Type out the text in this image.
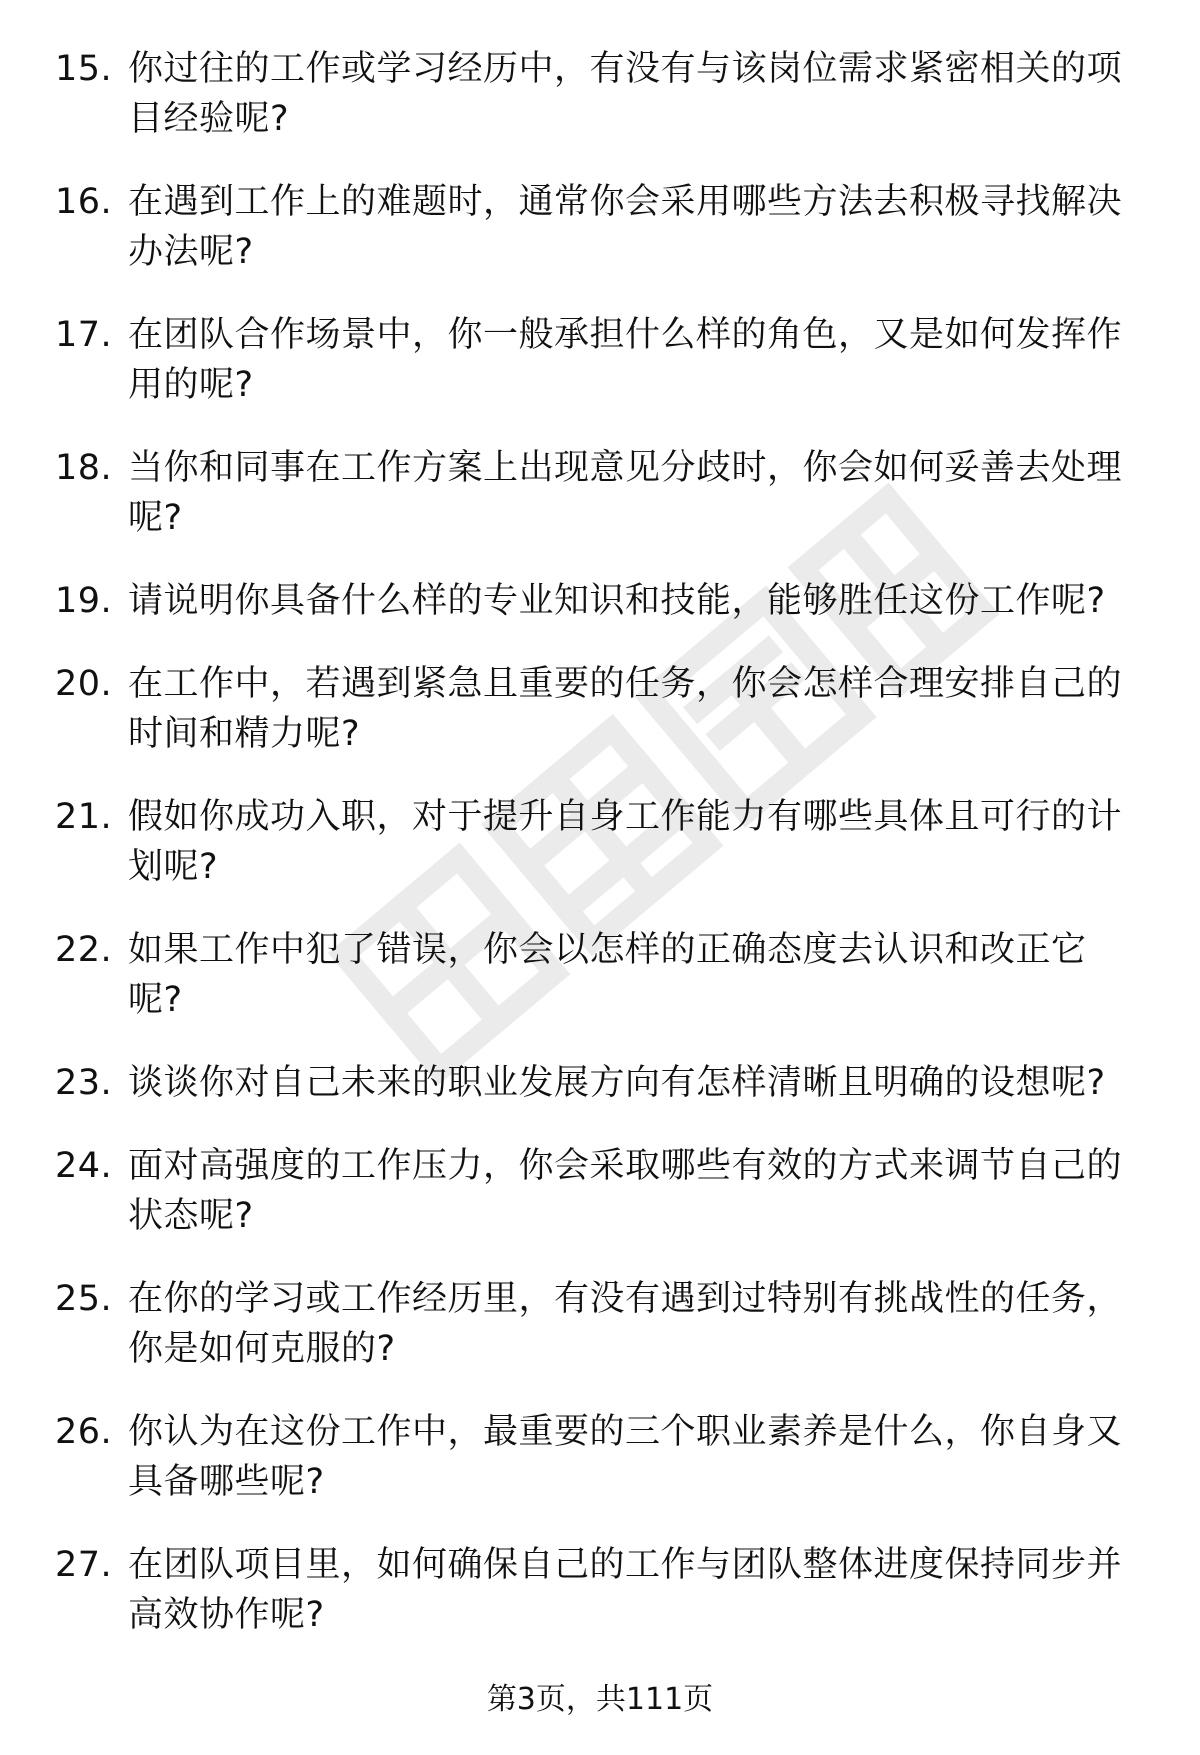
15. 你过往的工作或学习经历中，有没有与该岗位需求紧密相关的项目经验呢?
16. 在遇到工作上的难题时，通常你会采用哪些方法去积极寻找解决办法呢?
17. 在团队合作场景中，你一般承担什么样的角色，又是如何发挥作用的呢?
18. 当你和同事在工作方案上出现意见分歧时，你会如何妥善去处理呢?
19. 请说明你具备什么样的专业知识和技能，能够胜任这份工作呢?
20. 在工作中，若遇到紧急且重要的任务，你会怎样合理安排自己的时间和精力呢?
21. 假如你成功入职，对于提升自身工作能力有哪些具体且可行的计划呢?
22. 如果工作中犯了错误，你会以怎样的正确态度去认识和改正它呢?
23. 谈谈你对自己未来的职业发展方向有怎样清晰且明确的设想呢?
24. 面对高强度的工作压力，你会采取哪些有效的方式来调节自己的状态呢?
25. 在你的学习或工作经历里，有没有遇到过特别有挑战性的任务，你是如何克服的?
26. 你认为在这份工作中，最重要的三个职业素养是什么，你自身又具备哪些呢?
27. 在团队项目里，如何确保自己的工作与团队整体进度保持同步并高效协作呢?
第3页，共111页
